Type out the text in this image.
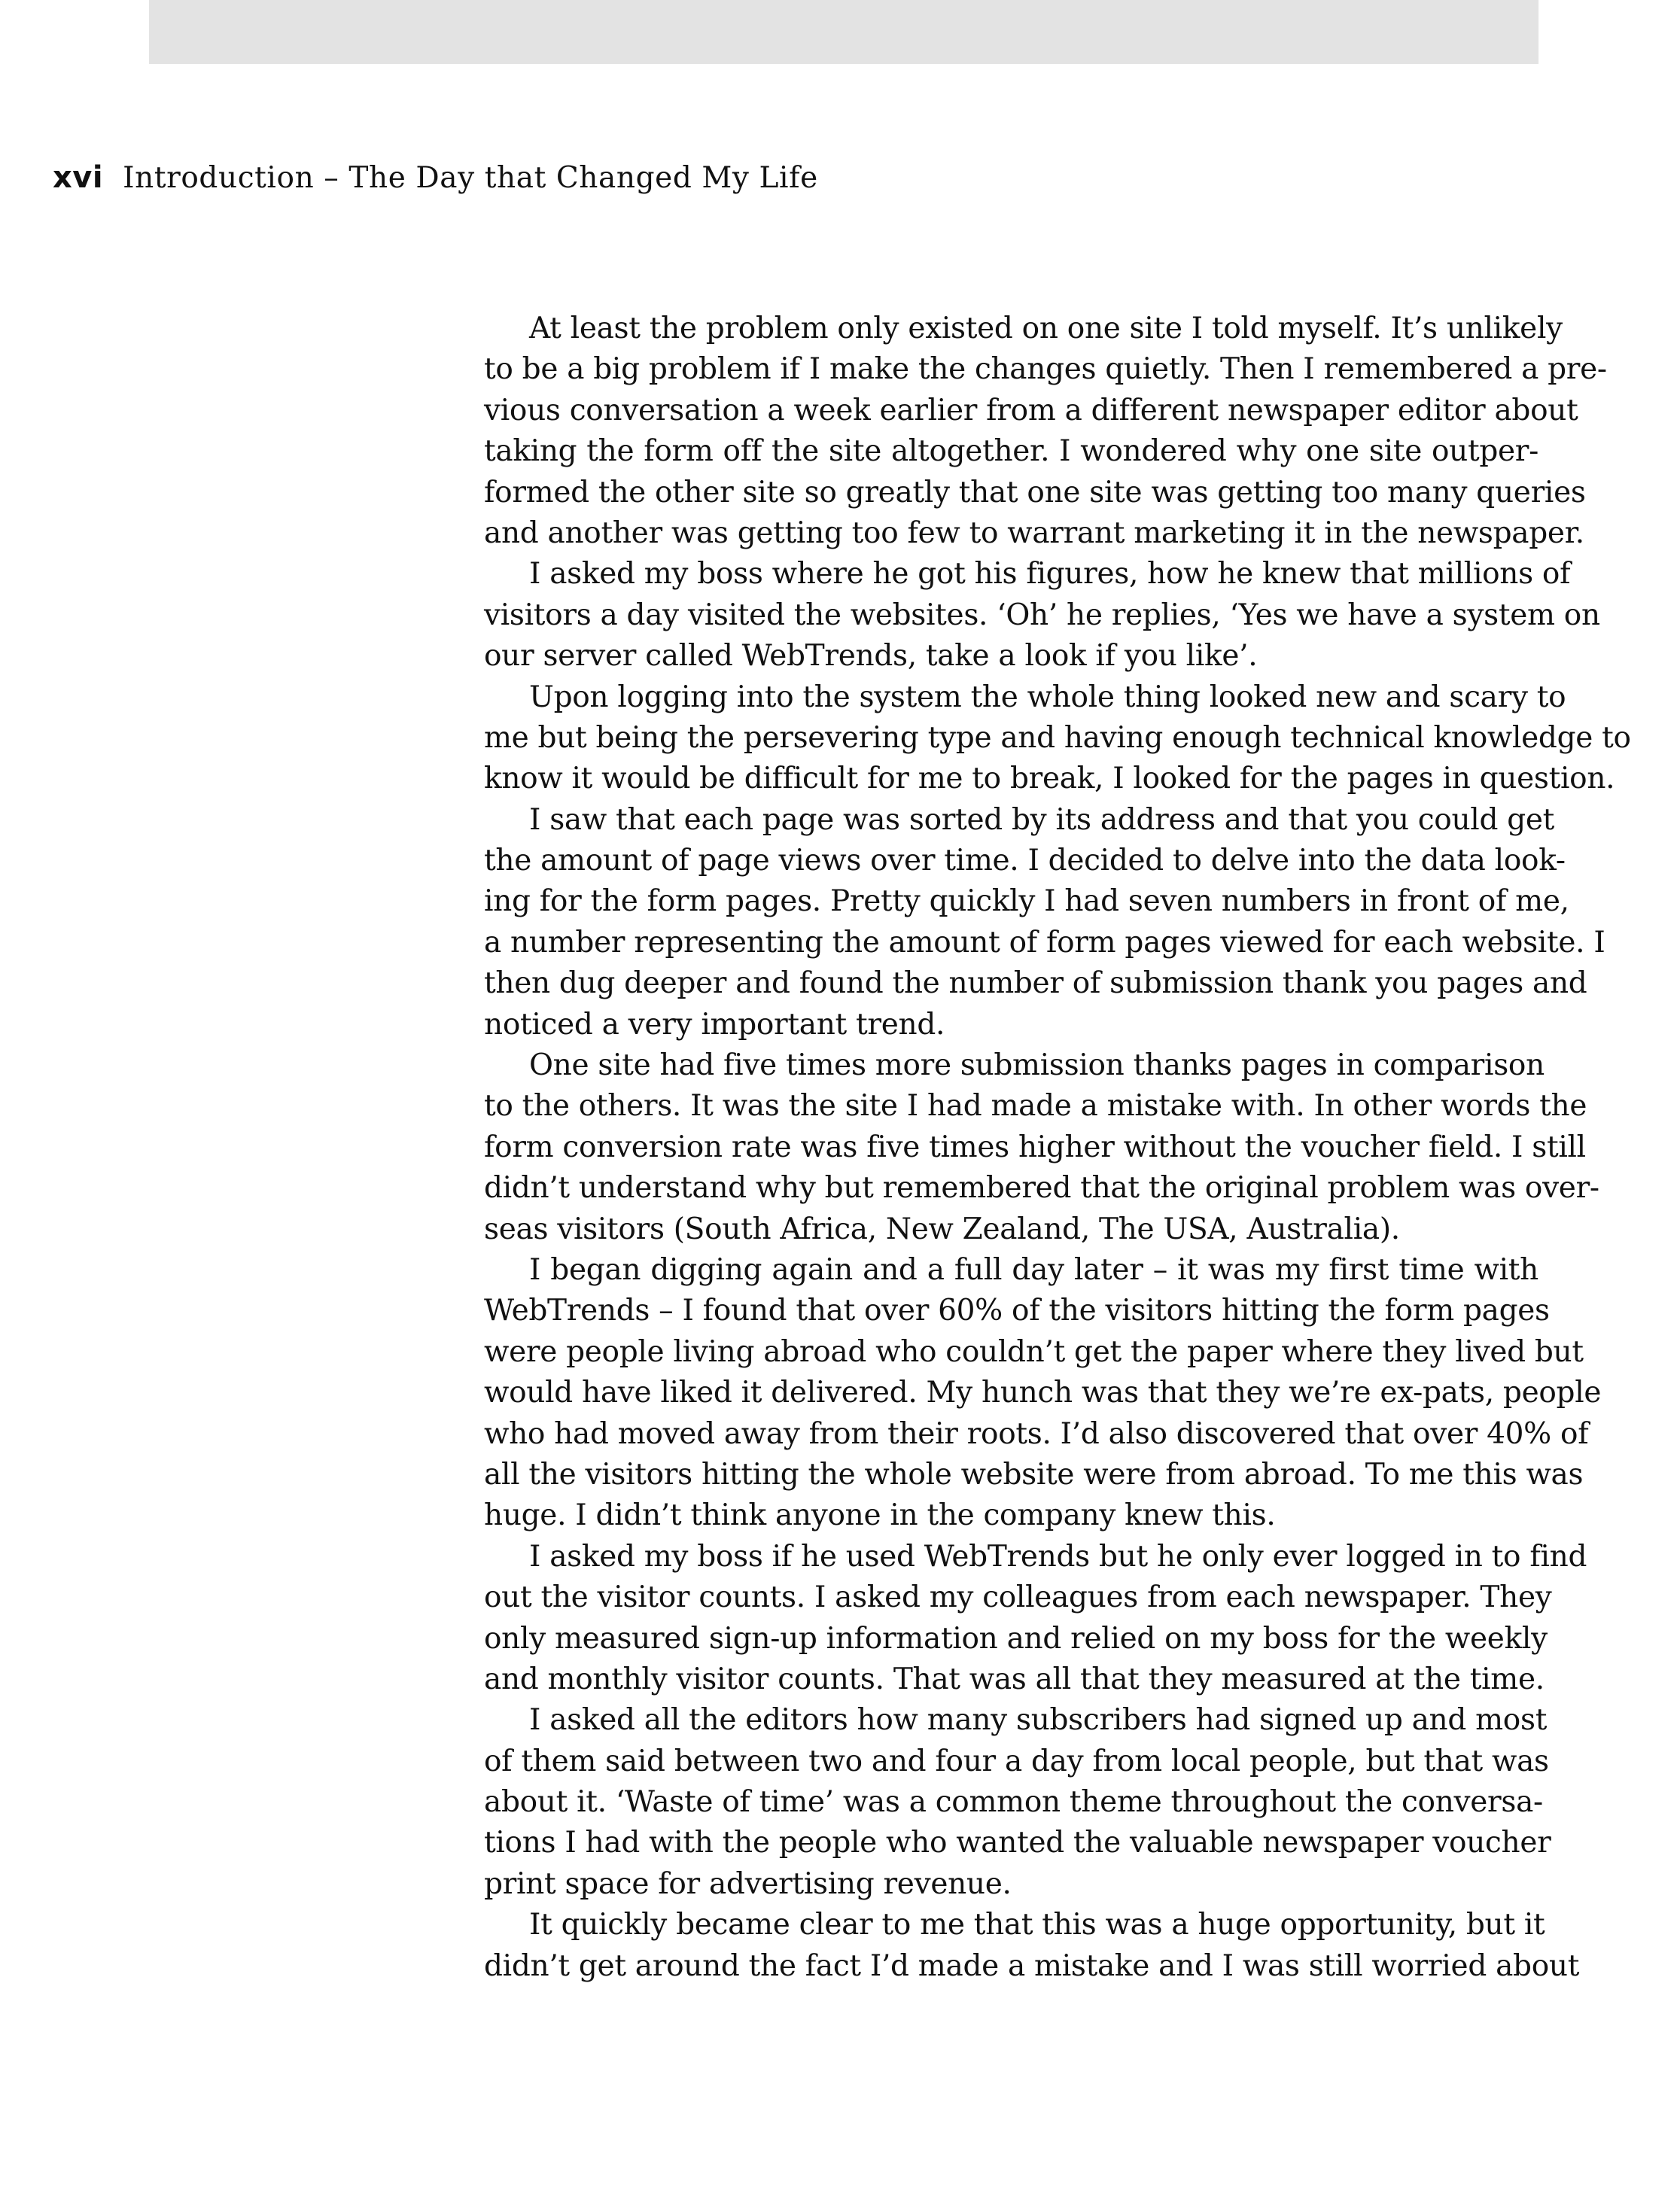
xvi Introduction – The Day that Changed My Life

At least the problem only existed on one site I told myself. It’s unlikely
to be a big problem if I make the changes quietly. Then I remembered a pre-
vious conversation a week earlier from a different newspaper editor about
taking the form off the site altogether. I wondered why one site outper-
formed the other site so greatly that one site was getting too many queries
and another was getting too few to warrant marketing it in the newspaper.

I asked my boss where he got his figures, how he knew that millions of
visitors a day visited the websites. ‘Oh’ he replies, ‘Yes we have a system on
our server called WebTrends, take a look if you like’.

Upon logging into the system the whole thing looked new and scary to
me but being the persevering type and having enough technical knowledge to
know it would be difficult for me to break, I looked for the pages in question.

I saw that each page was sorted by its address and that you could get
the amount of page views over time. I decided to delve into the data look-
ing for the form pages. Pretty quickly I had seven numbers in front of me,
a number representing the amount of form pages viewed for each website. I
then dug deeper and found the number of submission thank you pages and
noticed a very important trend.

One site had five times more submission thanks pages in comparison
to the others. It was the site I had made a mistake with. In other words the
form conversion rate was five times higher without the voucher field. I still
didn’t understand why but remembered that the original problem was over-
seas visitors (South Africa, New Zealand, The USA, Australia).

I began digging again and a full day later – it was my first time with
WebTrends – I found that over 60% of the visitors hitting the form pages
were people living abroad who couldn’t get the paper where they lived but
would have liked it delivered. My hunch was that they we’re ex-pats, people
who had moved away from their roots. I’d also discovered that over 40% of
all the visitors hitting the whole website were from abroad. To me this was
huge. I didn’t think anyone in the company knew this.

I asked my boss if he used WebTrends but he only ever logged in to find
out the visitor counts. I asked my colleagues from each newspaper. They
only measured sign-up information and relied on my boss for the weekly
and monthly visitor counts. That was all that they measured at the time.

I asked all the editors how many subscribers had signed up and most
of them said between two and four a day from local people, but that was
about it. ‘Waste of time’ was a common theme throughout the conversa-
tions I had with the people who wanted the valuable newspaper voucher
print space for advertising revenue.

It quickly became clear to me that this was a huge opportunity, but it
didn’t get around the fact I’d made a mistake and I was still worried about
